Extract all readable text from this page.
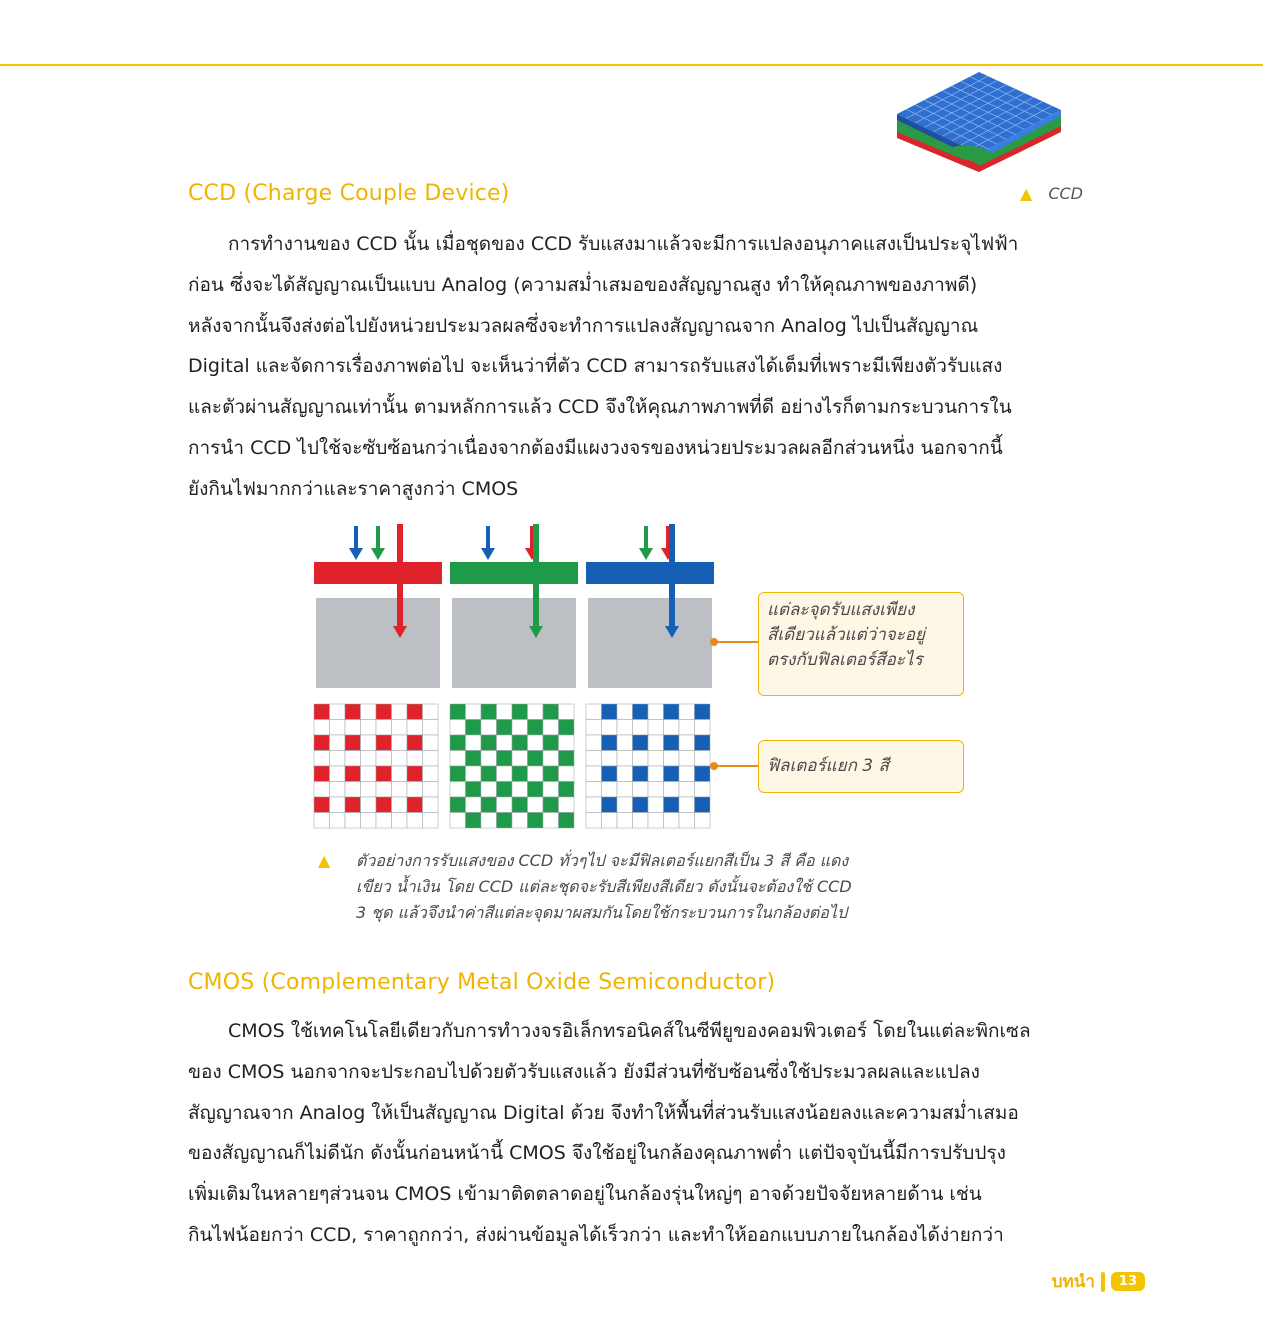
▲ CCD
CCD (Charge Couple Device)
การทำงานของ CCD นั้น เมื่อชุดของ CCD รับแสงมาแล้วจะมีการแปลงอนุภาคแสงเป็นประจุไฟฟ้า
ก่อน ซึ่งจะได้สัญญาณเป็นแบบ Analog (ความสม่ำเสมอของสัญญาณสูง ทำให้คุณภาพของภาพดี)
หลังจากนั้นจึงส่งต่อไปยังหน่วยประมวลผลซึ่งจะทำการแปลงสัญญาณจาก Analog ไปเป็นสัญญาณ
Digital และจัดการเรื่องภาพต่อไป จะเห็นว่าที่ตัว CCD สามารถรับแสงได้เต็มที่เพราะมีเพียงตัวรับแสง
และตัวผ่านสัญญาณเท่านั้น ตามหลักการแล้ว CCD จึงให้คุณภาพภาพที่ดี อย่างไรก็ตามกระบวนการใน
การนำ CCD ไปใช้จะซับซ้อนกว่าเนื่องจากต้องมีแผงวงจรของหน่วยประมวลผลอีกส่วนหนึ่ง นอกจากนี้
ยังกินไฟมากกว่าและราคาสูงกว่า CMOS
แต่ละจุดรับแสงเพียง
สีเดียวแล้วแต่ว่าจะอยู่
ตรงกับฟิลเตอร์สีอะไร
ฟิลเตอร์แยก 3 สี
▲ ตัวอย่างการรับแสงของ CCD ทั่วๆไป จะมีฟิลเตอร์แยกสีเป็น 3 สี คือ แดง
เขียว น้ำเงิน โดย CCD แต่ละชุดจะรับสีเพียงสีเดียว ดังนั้นจะต้องใช้ CCD
3 ชุด แล้วจึงนำค่าสีแต่ละจุดมาผสมกันโดยใช้กระบวนการในกล้องต่อไป
CMOS (Complementary Metal Oxide Semiconductor)
CMOS ใช้เทคโนโลยีเดียวกับการทำวงจรอิเล็กทรอนิคส์ในซีพียูของคอมพิวเตอร์ โดยในแต่ละพิกเซล
ของ CMOS นอกจากจะประกอบไปด้วยตัวรับแสงแล้ว ยังมีส่วนที่ซับซ้อนซึ่งใช้ประมวลผลและแปลง
สัญญาณจาก Analog ให้เป็นสัญญาณ Digital ด้วย จึงทำให้พื้นที่ส่วนรับแสงน้อยลงและความสม่ำเสมอ
ของสัญญาณก็ไม่ดีนัก ดังนั้นก่อนหน้านี้ CMOS จึงใช้อยู่ในกล้องคุณภาพต่ำ แต่ปัจจุบันนี้มีการปรับปรุง
เพิ่มเติมในหลายๆส่วนจน CMOS เข้ามาติดตลาดอยู่ในกล้องรุ่นใหญ่ๆ อาจด้วยปัจจัยหลายด้าน เช่น
กินไฟน้อยกว่า CCD, ราคาถูกกว่า, ส่งผ่านข้อมูลได้เร็วกว่า และทำให้ออกแบบภายในกล้องได้ง่ายกว่า
บทนำ	13
